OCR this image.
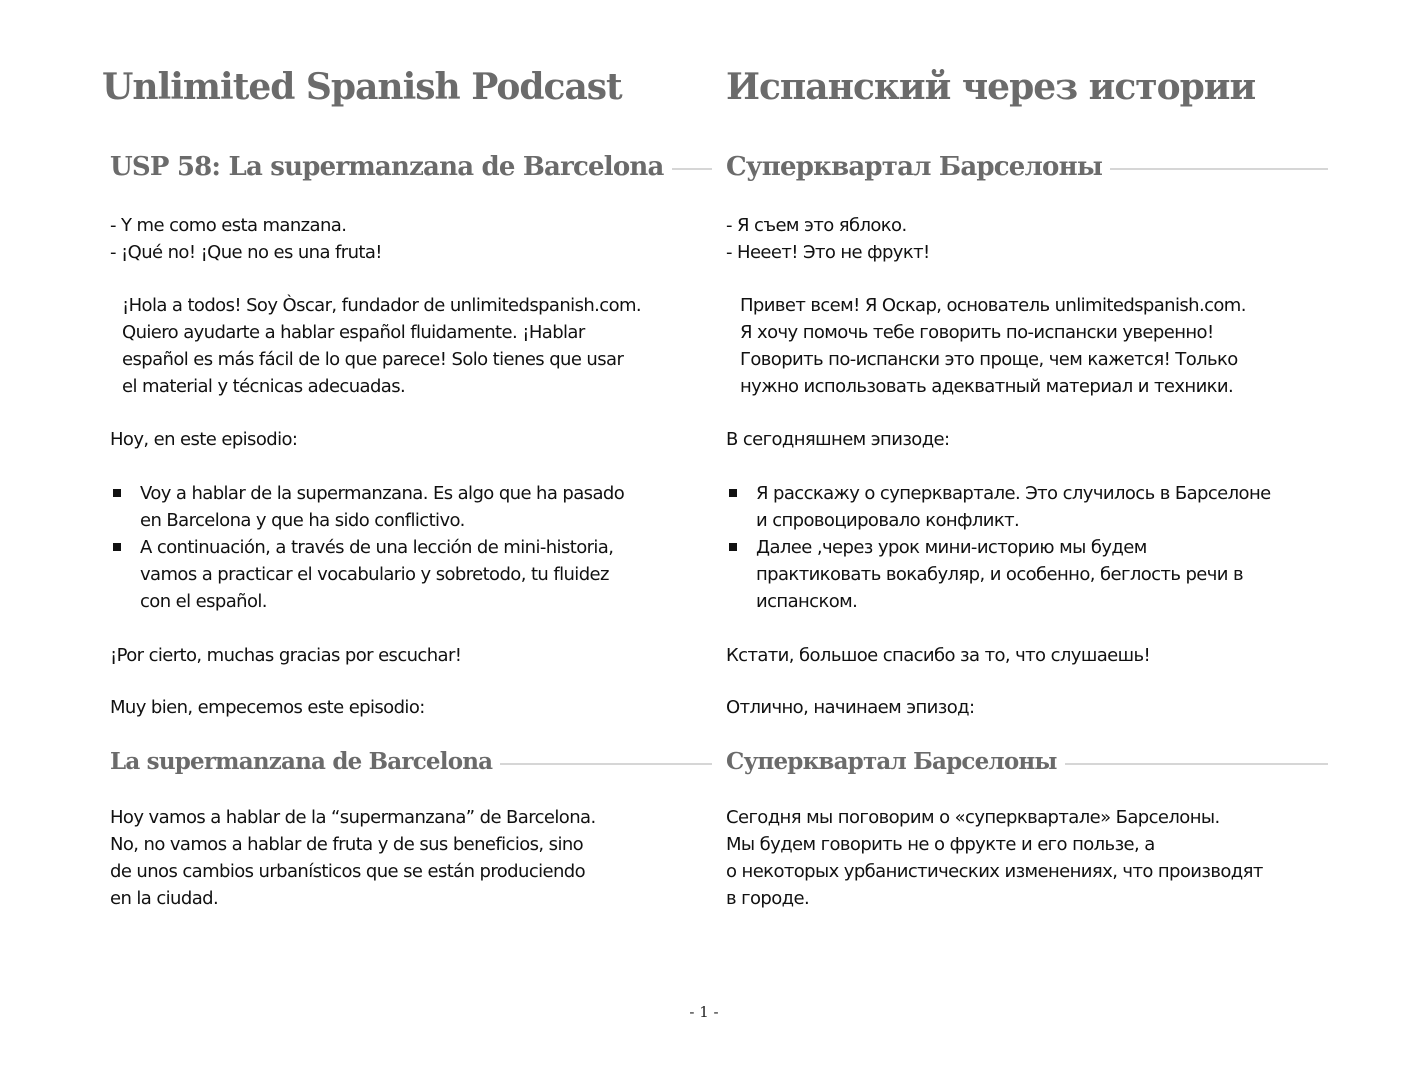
Unlimited Spanish Podcast
USP 58: La supermanzana de Barcelona
- Y me como esta manzana.
- ¡Qué no! ¡Que no es una fruta!
¡Hola a todos! Soy Òscar, fundador de unlimitedspanish.com.
Quiero ayudarte a hablar español fluidamente. ¡Hablar
español es más fácil de lo que parece! Solo tienes que usar
el material y técnicas adecuadas.
Hoy, en este episodio:
Voy a hablar de la supermanzana. Es algo que ha pasado
en Barcelona y que ha sido conflictivo.
A continuación, a través de una lección de mini-historia,
vamos a practicar el vocabulario y sobretodo, tu fluidez
con el español.
¡Por cierto, muchas gracias por escuchar!
Muy bien, empecemos este episodio:
La supermanzana de Barcelona
Hoy vamos a hablar de la “supermanzana” de Barcelona.
No, no vamos a hablar de fruta y de sus beneficios, sino
de unos cambios urbanísticos que se están produciendo
en la ciudad.
Испанский через истории
Суперквартал Барселоны
- Я съем это яблоко.
- Нееет! Это не фрукт!
Привет всем! Я Оскар, основатель unlimitedspanish.com.
Я хочу помочь тебе говорить по-испански уверенно!
Говорить по-испански это проще, чем кажется! Только
нужно использовать адекватный материал и техники.
В сегодняшнем эпизоде:
Я расскажу о суперквартале. Это случилось в Барселоне
и спровоцировало конфликт.
Далее ,через урок мини-историю мы будем
практиковать вокабуляр, и особенно, беглость речи в
испанском.
Кстати, большое спасибо за то, что слушаешь!
Отлично, начинаем эпизод:
Суперквартал Барселоны
Сегодня мы поговорим о «суперквартале» Барселоны.
Мы будем говорить не о фрукте и его пользе, а
о некоторых урбанистических изменениях, что производят
в городе.
- 1 -
